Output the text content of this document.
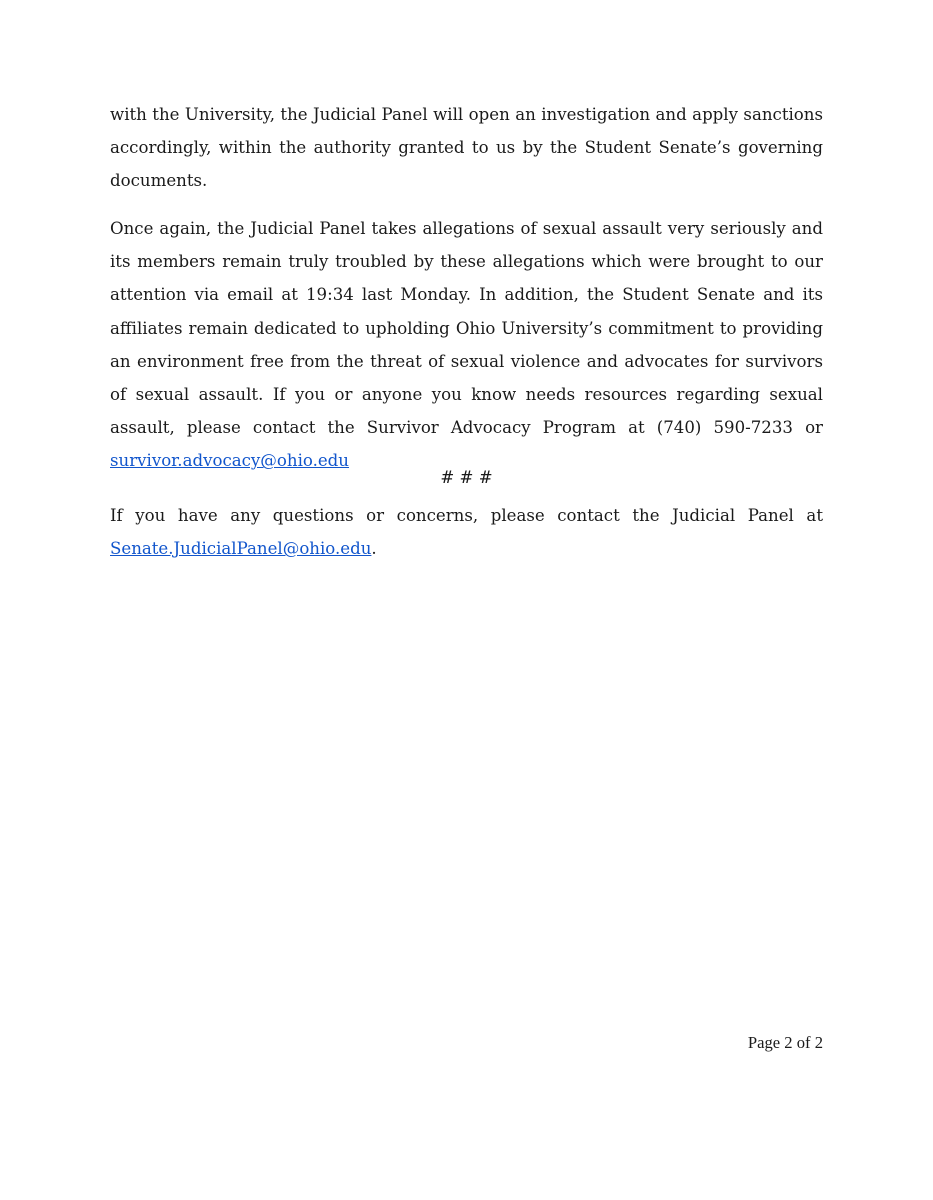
with the University, the Judicial Panel will open an investigation and apply sanctions accordingly, within the authority granted to us by the Student Senate’s governing documents.

Once again, the Judicial Panel takes allegations of sexual assault very seriously and its members remain truly troubled by these allegations which were brought to our attention via email at 19:34 last Monday. In addition, the Student Senate and its affiliates remain dedicated to upholding Ohio University’s commitment to providing an environment free from the threat of sexual violence and advocates for survivors of sexual assault. If you or anyone you know needs resources regarding sexual assault, please contact the Survivor Advocacy Program at (740) 590-7233 or survivor.advocacy@ohio.edu

# # #

If you have any questions or concerns, please contact the Judicial Panel at Senate.JudicialPanel@ohio.edu.

Page 2 of 2
